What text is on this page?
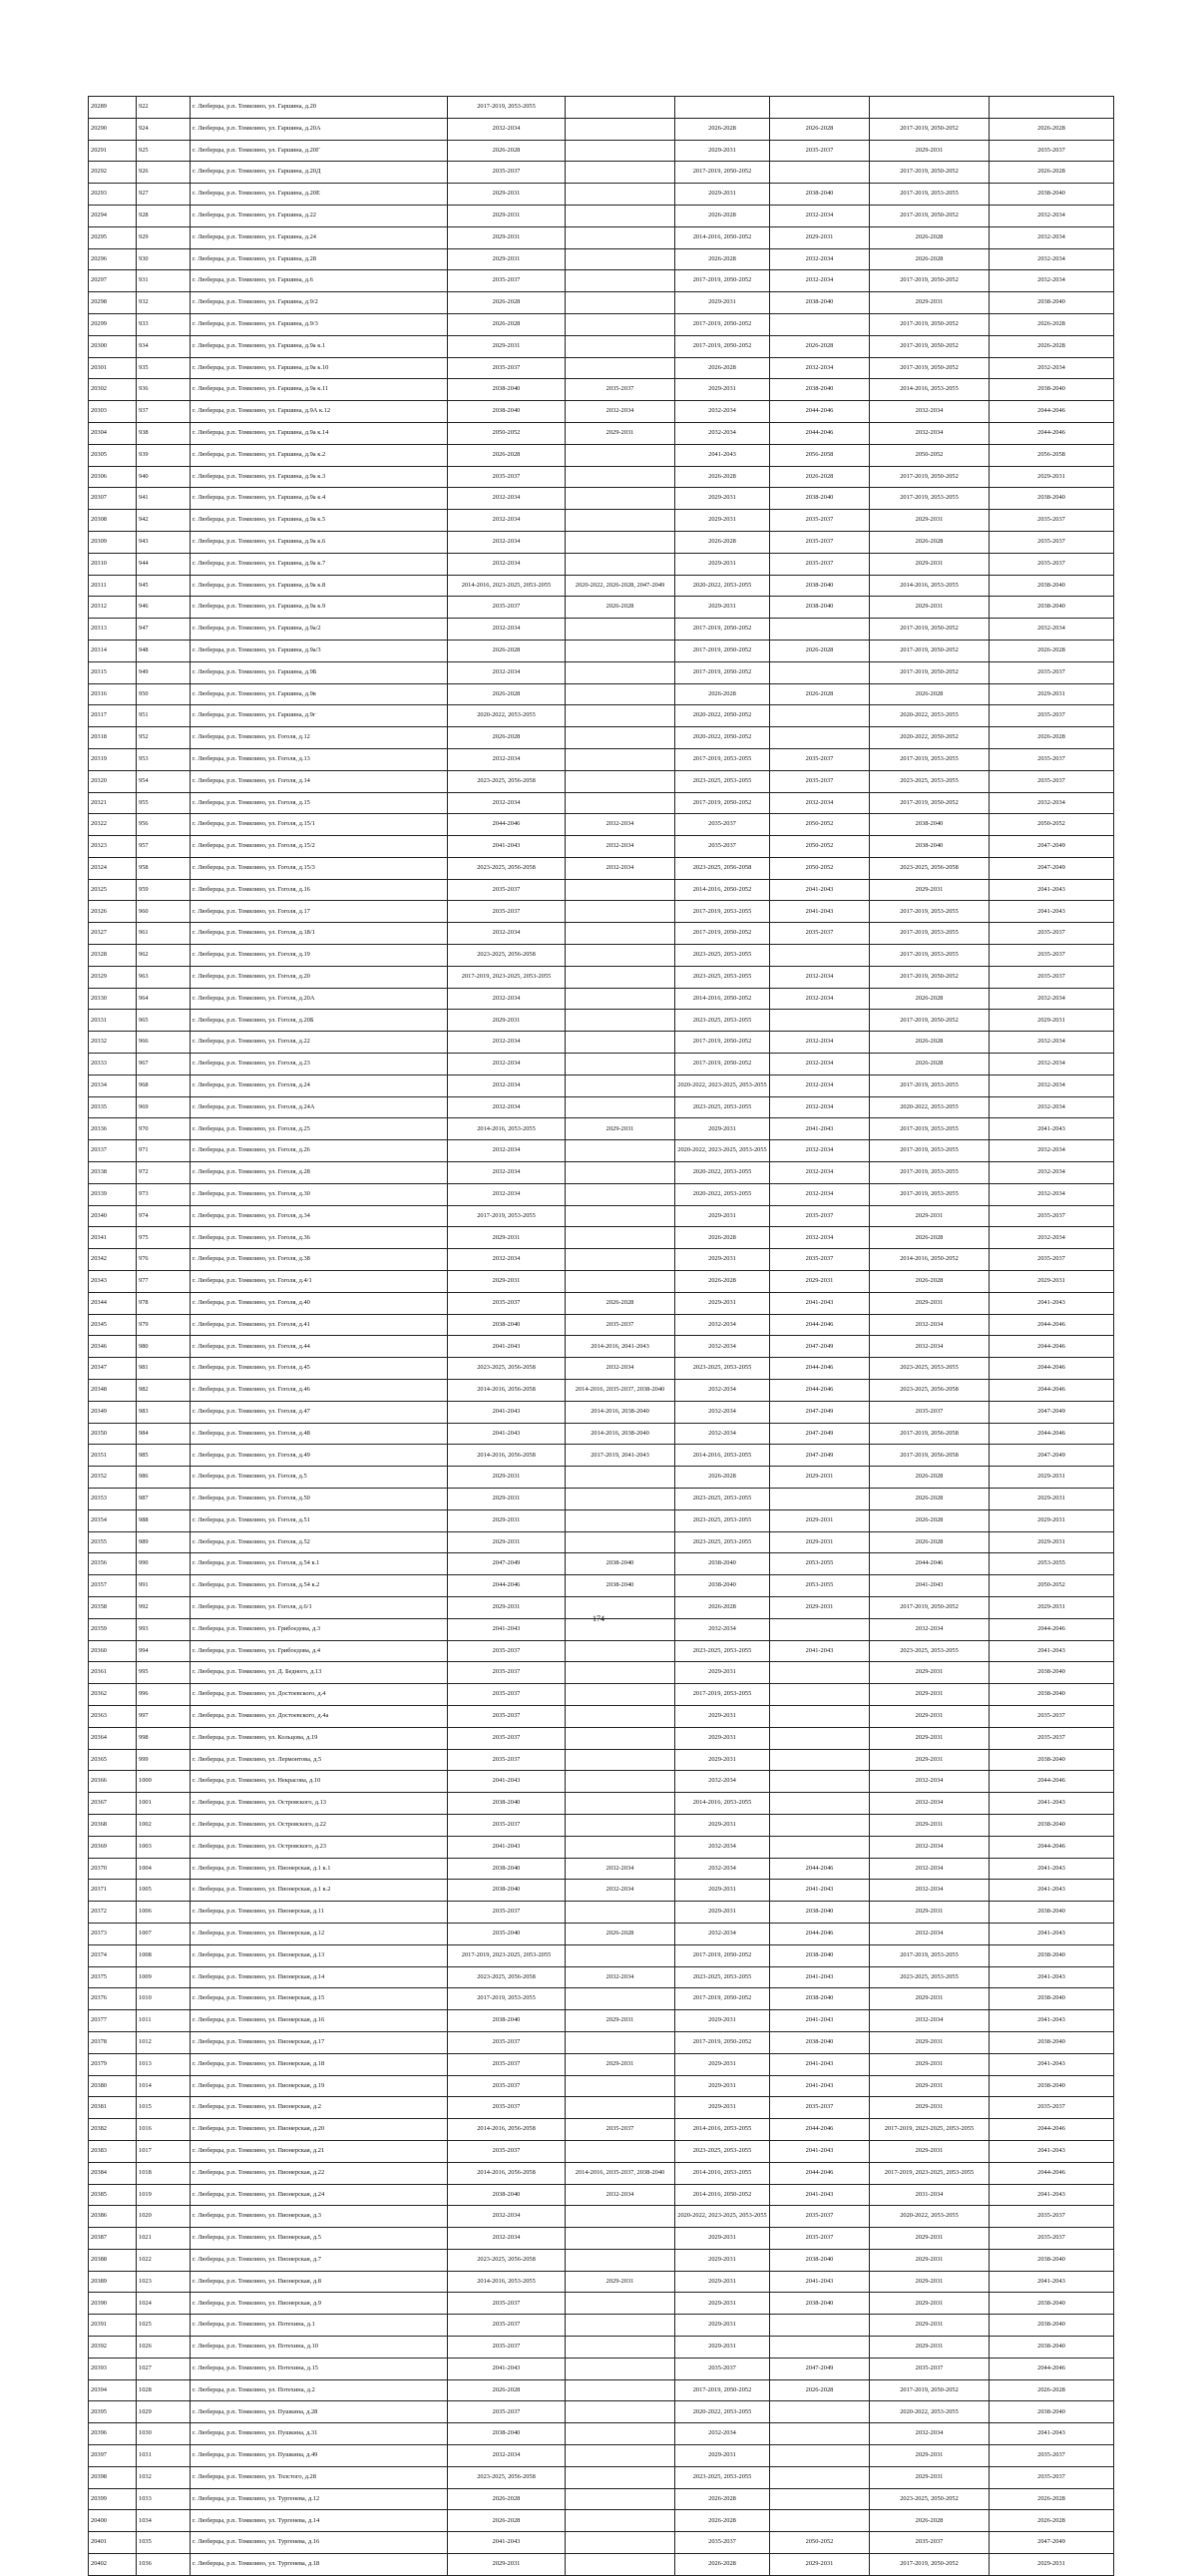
20289	922	г. Люберцы, р.п. Томилино, ул. Гаршина, д.20	2017-2019, 2053-2055					
20290	924	г. Люберцы, р.п. Томилино, ул. Гаршина, д.20А	2032-2034		2026-2028	2026-2028	2017-2019, 2050-2052	2026-2028
20291	925	г. Люберцы, р.п. Томилино, ул. Гаршина, д.20Г	2026-2028		2029-2031	2035-2037	2029-2031	2035-2037
20292	926	г. Люберцы, р.п. Томилино, ул. Гаршина, д.20Д	2035-2037		2017-2019, 2050-2052		2017-2019, 2050-2052	2026-2028
20293	927	г. Люберцы, р.п. Томилино, ул. Гаршина, д.20Е	2029-2031		2029-2031	2038-2040	2017-2019, 2053-2055	2038-2040
20294	928	г. Люберцы, р.п. Томилино, ул. Гаршина, д.22	2029-2031		2026-2028	2032-2034	2017-2019, 2050-2052	2032-2034
20295	929	г. Люберцы, р.п. Томилино, ул. Гаршина, д.24	2029-2031		2014-2016, 2050-2052	2029-2031	2026-2028	2032-2034
20296	930	г. Люберцы, р.п. Томилино, ул. Гаршина, д.28	2029-2031		2026-2028	2032-2034	2026-2028	2032-2034
20297	931	г. Люберцы, р.п. Томилино, ул. Гаршина, д.6	2035-2037		2017-2019, 2050-2052	2032-2034	2017-2019, 2050-2052	2032-2034
20298	932	г. Люберцы, р.п. Томилино, ул. Гаршина, д.9/2	2026-2028		2029-2031	2038-2040	2029-2031	2038-2040
20299	933	г. Люберцы, р.п. Томилино, ул. Гаршина, д.9/3	2026-2028		2017-2019, 2050-2052		2017-2019, 2050-2052	2026-2028
20300	934	г. Люберцы, р.п. Томилино, ул. Гаршина, д.9а к.1	2029-2031		2017-2019, 2050-2052	2026-2028	2017-2019, 2050-2052	2026-2028
20301	935	г. Люберцы, р.п. Томилино, ул. Гаршина, д.9а к.10	2035-2037		2026-2028	2032-2034	2017-2019, 2050-2052	2032-2034
20302	936	г. Люберцы, р.п. Томилино, ул. Гаршина, д.9а к.11	2038-2040	2035-2037	2029-2031	2038-2040	2014-2016, 2053-2055	2038-2040
20303	937	г. Люберцы, р.п. Томилино, ул. Гаршина, д.9А к.12	2038-2040	2032-2034	2032-2034	2044-2046	2032-2034	2044-2046
20304	938	г. Люберцы, р.п. Томилино, ул. Гаршина, д.9а к.14	2050-2052	2029-2031	2032-2034	2044-2046	2032-2034	2044-2046
20305	939	г. Люберцы, р.п. Томилино, ул. Гаршина, д.9а к.2	2026-2028		2041-2043	2056-2058	2050-2052	2056-2058
20306	940	г. Люберцы, р.п. Томилино, ул. Гаршина, д.9а к.3	2035-2037		2026-2028	2026-2028	2017-2019, 2050-2052	2029-2031
20307	941	г. Люберцы, р.п. Томилино, ул. Гаршина, д.9а к.4	2032-2034		2029-2031	2038-2040	2017-2019, 2053-2055	2038-2040
20308	942	г. Люберцы, р.п. Томилино, ул. Гаршина, д.9а к.5	2032-2034		2029-2031	2035-2037	2029-2031	2035-2037
20309	943	г. Люберцы, р.п. Томилино, ул. Гаршина, д.9а к.6	2032-2034		2026-2028	2035-2037	2026-2028	2035-2037
20310	944	г. Люберцы, р.п. Томилино, ул. Гаршина, д.9а к.7	2032-2034		2029-2031	2035-2037	2029-2031	2035-2037
20311	945	г. Люберцы, р.п. Томилино, ул. Гаршина, д.9а к.8	2014-2016, 2023-2025, 2053-2055	2020-2022, 2026-2028, 2047-2049	2020-2022, 2053-2055	2038-2040	2014-2016, 2053-2055	2038-2040
20312	946	г. Люберцы, р.п. Томилино, ул. Гаршина, д.9а к.9	2035-2037	2026-2028	2029-2031	2038-2040	2029-2031	2038-2040
20313	947	г. Люберцы, р.п. Томилино, ул. Гаршина, д.9а/2	2032-2034		2017-2019, 2050-2052		2017-2019, 2050-2052	2032-2034
20314	948	г. Люберцы, р.п. Томилино, ул. Гаршина, д.9а/3	2026-2028		2017-2019, 2050-2052	2026-2028	2017-2019, 2050-2052	2026-2028
20315	949	г. Люберцы, р.п. Томилино, ул. Гаршина, д.9Б	2032-2034		2017-2019, 2050-2052		2017-2019, 2050-2052	2035-2037
20316	950	г. Люберцы, р.п. Томилино, ул. Гаршина, д.9в	2026-2028		2026-2028	2026-2028	2026-2028	2029-2031
20317	951	г. Люберцы, р.п. Томилино, ул. Гаршина, д.9г	2020-2022, 2053-2055		2020-2022, 2050-2052		2020-2022, 2053-2055	2035-2037
20318	952	г. Люберцы, р.п. Томилино, ул. Гоголя, д.12	2026-2028		2020-2022, 2050-2052		2020-2022, 2050-2052	2026-2028
20319	953	г. Люберцы, р.п. Томилино, ул. Гоголя, д.13	2032-2034		2017-2019, 2053-2055	2035-2037	2017-2019, 2053-2055	2035-2037
20320	954	г. Люберцы, р.п. Томилино, ул. Гоголя, д.14	2023-2025, 2056-2058		2023-2025, 2053-2055	2035-2037	2023-2025, 2053-2055	2035-2037
20321	955	г. Люберцы, р.п. Томилино, ул. Гоголя, д.15	2032-2034		2017-2019, 2050-2052	2032-2034	2017-2019, 2050-2052	2032-2034
20322	956	г. Люберцы, р.п. Томилино, ул. Гоголя, д.15/1	2044-2046	2032-2034	2035-2037	2050-2052	2038-2040	2050-2052
20323	957	г. Люберцы, р.п. Томилино, ул. Гоголя, д.15/2	2041-2043	2032-2034	2035-2037	2050-2052	2038-2040	2047-2049
20324	958	г. Люберцы, р.п. Томилино, ул. Гоголя, д.15/3	2023-2025, 2056-2058	2032-2034	2023-2025, 2056-2058	2050-2052	2023-2025, 2056-2058	2047-2049
20325	959	г. Люберцы, р.п. Томилино, ул. Гоголя, д.16	2035-2037		2014-2016, 2050-2052	2041-2043	2029-2031	2041-2043
20326	960	г. Люберцы, р.п. Томилино, ул. Гоголя, д.17	2035-2037		2017-2019, 2053-2055	2041-2043	2017-2019, 2053-2055	2041-2043
20327	961	г. Люберцы, р.п. Томилино, ул. Гоголя, д.18/1	2032-2034		2017-2019, 2050-2052	2035-2037	2017-2019, 2053-2055	2035-2037
20328	962	г. Люберцы, р.п. Томилино, ул. Гоголя, д.19	2023-2025, 2056-2058		2023-2025, 2053-2055		2017-2019, 2053-2055	2035-2037
20329	963	г. Люберцы, р.п. Томилино, ул. Гоголя, д.20	2017-2019, 2023-2025, 2053-2055		2023-2025, 2053-2055	2032-2034	2017-2019, 2050-2052	2035-2037
20330	964	г. Люберцы, р.п. Томилино, ул. Гоголя, д.20А	2032-2034		2014-2016, 2050-2052	2032-2034	2026-2028	2032-2034
20331	965	г. Люберцы, р.п. Томилино, ул. Гоголя, д.20Б	2029-2031		2023-2025, 2053-2055		2017-2019, 2050-2052	2029-2031
20332	966	г. Люберцы, р.п. Томилино, ул. Гоголя, д.22	2032-2034		2017-2019, 2050-2052	2032-2034	2026-2028	2032-2034
20333	967	г. Люберцы, р.п. Томилино, ул. Гоголя, д.23	2032-2034		2017-2019, 2050-2052	2032-2034	2026-2028	2032-2034
20334	968	г. Люберцы, р.п. Томилино, ул. Гоголя, д.24	2032-2034		2020-2022, 2023-2025, 2053-2055	2032-2034	2017-2019, 2053-2055	2032-2034
20335	969	г. Люберцы, р.п. Томилино, ул. Гоголя, д.24А	2032-2034		2023-2025, 2053-2055	2032-2034	2020-2022, 2053-2055	2032-2034
20336	970	г. Люберцы, р.п. Томилино, ул. Гоголя, д.25	2014-2016, 2053-2055	2029-2031	2029-2031	2041-2043	2017-2019, 2053-2055	2041-2043
20337	971	г. Люберцы, р.п. Томилино, ул. Гоголя, д.26	2032-2034		2020-2022, 2023-2025, 2053-2055	2032-2034	2017-2019, 2053-2055	2032-2034
20338	972	г. Люберцы, р.п. Томилино, ул. Гоголя, д.28	2032-2034		2020-2022, 2053-2055	2032-2034	2017-2019, 2053-2055	2032-2034
20339	973	г. Люберцы, р.п. Томилино, ул. Гоголя, д.30	2032-2034		2020-2022, 2053-2055	2032-2034	2017-2019, 2053-2055	2032-2034
20340	974	г. Люберцы, р.п. Томилино, ул. Гоголя, д.34	2017-2019, 2053-2055		2029-2031	2035-2037	2029-2031	2035-2037
20341	975	г. Люберцы, р.п. Томилино, ул. Гоголя, д.36	2029-2031		2026-2028	2032-2034	2026-2028	2032-2034
20342	976	г. Люберцы, р.п. Томилино, ул. Гоголя, д.38	2032-2034		2029-2031	2035-2037	2014-2016, 2050-2052	2035-2037
20343	977	г. Люберцы, р.п. Томилино, ул. Гоголя, д.4/1	2029-2031		2026-2028	2029-2031	2026-2028	2029-2031
20344	978	г. Люберцы, р.п. Томилино, ул. Гоголя, д.40	2035-2037	2026-2028	2029-2031	2041-2043	2029-2031	2041-2043
20345	979	г. Люберцы, р.п. Томилино, ул. Гоголя, д.41	2038-2040	2035-2037	2032-2034	2044-2046	2032-2034	2044-2046
20346	980	г. Люберцы, р.п. Томилино, ул. Гоголя, д.44	2041-2043	2014-2016, 2041-2043	2032-2034	2047-2049	2032-2034	2044-2046
20347	981	г. Люберцы, р.п. Томилино, ул. Гоголя, д.45	2023-2025, 2056-2058	2032-2034	2023-2025, 2053-2055	2044-2046	2023-2025, 2053-2055	2044-2046
20348	982	г. Люберцы, р.п. Томилино, ул. Гоголя, д.46	2014-2016, 2056-2058	2014-2016, 2035-2037, 2038-2040	2032-2034	2044-2046	2023-2025, 2056-2058	2044-2046
20349	983	г. Люберцы, р.п. Томилино, ул. Гоголя, д.47	2041-2043	2014-2016, 2038-2040	2032-2034	2047-2049	2035-2037	2047-2049
20350	984	г. Люберцы, р.п. Томилино, ул. Гоголя, д.48	2041-2043	2014-2016, 2038-2040	2032-2034	2047-2049	2017-2019, 2056-2058	2044-2046
20351	985	г. Люберцы, р.п. Томилино, ул. Гоголя, д.49	2014-2016, 2056-2058	2017-2019, 2041-2043	2014-2016, 2053-2055	2047-2049	2017-2019, 2056-2058	2047-2049
20352	986	г. Люберцы, р.п. Томилино, ул. Гоголя, д.5	2029-2031		2026-2028	2029-2031	2026-2028	2029-2031
20353	987	г. Люберцы, р.п. Томилино, ул. Гоголя, д.50	2029-2031		2023-2025, 2053-2055		2026-2028	2029-2031
20354	988	г. Люберцы, р.п. Томилино, ул. Гоголя, д.51	2029-2031		2023-2025, 2053-2055	2029-2031	2026-2028	2029-2031
20355	989	г. Люберцы, р.п. Томилино, ул. Гоголя, д.52	2029-2031		2023-2025, 2053-2055	2029-2031	2026-2028	2029-2031
20356	990	г. Люберцы, р.п. Томилино, ул. Гоголя, д.54 к.1	2047-2049	2038-2040	2038-2040	2053-2055	2044-2046	2053-2055
20357	991	г. Люберцы, р.п. Томилино, ул. Гоголя, д.54 к.2	2044-2046	2038-2040	2038-2040	2053-2055	2041-2043	2050-2052
20358	992	г. Люберцы, р.п. Томилино, ул. Гоголя, д.6/1	2029-2031		2026-2028	2029-2031	2017-2019, 2050-2052	2029-2031
20359	993	г. Люберцы, р.п. Томилино, ул. Грибоедова, д.3	2041-2043		2032-2034		2032-2034	2044-2046
20360	994	г. Люберцы, р.п. Томилино, ул. Грибоедова, д.4	2035-2037		2023-2025, 2053-2055	2041-2043	2023-2025, 2053-2055	2041-2043
20361	995	г. Люберцы, р.п. Томилино, ул. Д. Бедного, д.13	2035-2037		2029-2031		2029-2031	2038-2040
20362	996	г. Люберцы, р.п. Томилино, ул. Достоевского, д.4	2035-2037		2017-2019, 2053-2055		2029-2031	2038-2040
20363	997	г. Люберцы, р.п. Томилино, ул. Достоевского, д.4а	2035-2037		2029-2031		2029-2031	2035-2037
20364	998	г. Люберцы, р.п. Томилино, ул. Кольцова, д.19	2035-2037		2029-2031		2029-2031	2035-2037
20365	999	г. Люберцы, р.п. Томилино, ул. Лермонтова, д.5	2035-2037		2029-2031		2029-2031	2038-2040
20366	1000	г. Люберцы, р.п. Томилино, ул. Некрасова, д.10	2041-2043		2032-2034		2032-2034	2044-2046
20367	1001	г. Люберцы, р.п. Томилино, ул. Островского, д.13	2038-2040		2014-2016, 2053-2055		2032-2034	2041-2043
20368	1002	г. Люберцы, р.п. Томилино, ул. Островского, д.22	2035-2037		2029-2031		2029-2031	2038-2040
20369	1003	г. Люберцы, р.п. Томилино, ул. Островского, д.23	2041-2043		2032-2034		2032-2034	2044-2046
20370	1004	г. Люберцы, р.п. Томилино, ул. Пионерская, д.1 к.1	2038-2040	2032-2034	2032-2034	2044-2046	2032-2034	2041-2043
20371	1005	г. Люберцы, р.п. Томилино, ул. Пионерская, д.1 к.2	2038-2040	2032-2034	2029-2031	2041-2043	2032-2034	2041-2043
20372	1006	г. Люберцы, р.п. Томилино, ул. Пионерская, д.11	2035-2037		2029-2031	2038-2040	2029-2031	2038-2040
20373	1007	г. Люберцы, р.п. Томилино, ул. Пионерская, д.12	2035-2040	2026-2028	2032-2034	2044-2046	2032-2034	2041-2043
20374	1008	г. Люберцы, р.п. Томилино, ул. Пионерская, д.13	2017-2019, 2023-2025, 2053-2055		2017-2019, 2050-2052	2038-2040	2017-2019, 2053-2055	2038-2040
20375	1009	г. Люберцы, р.п. Томилино, ул. Пионерская, д.14	2023-2025, 2056-2058	2032-2034	2023-2025, 2053-2055	2041-2043	2023-2025, 2053-2055	2041-2043
20376	1010	г. Люберцы, р.п. Томилино, ул. Пионерская, д.15	2017-2019, 2053-2055		2017-2019, 2050-2052	2038-2040	2029-2031	2038-2040
20377	1011	г. Люберцы, р.п. Томилино, ул. Пионерская, д.16	2038-2040	2029-2031	2029-2031	2041-2043	2032-2034	2041-2043
20378	1012	г. Люберцы, р.п. Томилино, ул. Пионерская, д.17	2035-2037		2017-2019, 2050-2052	2038-2040	2029-2031	2038-2040
20379	1013	г. Люберцы, р.п. Томилино, ул. Пионерская, д.18	2035-2037	2029-2031	2029-2031	2041-2043	2029-2031	2041-2043
20380	1014	г. Люберцы, р.п. Томилино, ул. Пионерская, д.19	2035-2037		2029-2031	2041-2043	2029-2031	2038-2040
20381	1015	г. Люберцы, р.п. Томилино, ул. Пионерская, д.2	2035-2037		2029-2031	2035-2037	2029-2031	2035-2037
20382	1016	г. Люберцы, р.п. Томилино, ул. Пионерская, д.20	2014-2016, 2056-2058	2035-2037	2014-2016, 2053-2055	2044-2046	2017-2019, 2023-2025, 2053-2055	2044-2046
20383	1017	г. Люберцы, р.п. Томилино, ул. Пионерская, д.21	2035-2037		2023-2025, 2053-2055	2041-2043	2029-2031	2041-2043
20384	1018	г. Люберцы, р.п. Томилино, ул. Пионерская, д.22	2014-2016, 2056-2058	2014-2016, 2035-2037, 2038-2040	2014-2016, 2053-2055	2044-2046	2017-2019, 2023-2025, 2053-2055	2044-2046
20385	1019	г. Люберцы, р.п. Томилино, ул. Пионерская, д.24	2038-2040	2032-2034	2014-2016, 2050-2052	2041-2043	2031-2034	2041-2043
20386	1020	г. Люберцы, р.п. Томилино, ул. Пионерская, д.3	2032-2034		2020-2022, 2023-2025, 2053-2055	2035-2037	2020-2022, 2053-2055	2035-2037
20387	1021	г. Люберцы, р.п. Томилино, ул. Пионерская, д.5	2032-2034		2029-2031	2035-2037	2029-2031	2035-2037
20388	1022	г. Люберцы, р.п. Томилино, ул. Пионерская, д.7	2023-2025, 2056-2058		2029-2031	2038-2040	2029-2031	2038-2040
20389	1023	г. Люберцы, р.п. Томилино, ул. Пионерская, д.8	2014-2016, 2053-2055	2029-2031	2029-2031	2041-2043	2029-2031	2041-2043
20390	1024	г. Люберцы, р.п. Томилино, ул. Пионерская, д.9	2035-2037		2029-2031	2038-2040	2029-2031	2038-2040
20391	1025	г. Люберцы, р.п. Томилино, ул. Потехина, д.1	2035-2037		2029-2031		2029-2031	2038-2040
20392	1026	г. Люберцы, р.п. Томилино, ул. Потехина, д.10	2035-2037		2029-2031		2029-2031	2038-2040
20393	1027	г. Люберцы, р.п. Томилино, ул. Потехина, д.15	2041-2043		2035-2037	2047-2049	2035-2037	2044-2046
20394	1028	г. Люберцы, р.п. Томилино, ул. Потехина, д.2	2026-2028		2017-2019, 2050-2052	2026-2028	2017-2019, 2050-2052	2026-2028
20395	1029	г. Люберцы, р.п. Томилино, ул. Пушкина, д.28	2035-2037		2020-2022, 2053-2055		2020-2022, 2053-2055	2038-2040
20396	1030	г. Люберцы, р.п. Томилино, ул. Пушкина, д.31	2038-2040		2032-2034		2032-2034	2041-2043
20397	1031	г. Люберцы, р.п. Томилино, ул. Пушкина, д.49	2032-2034		2029-2031		2029-2031	2035-2037
20398	1032	г. Люберцы, р.п. Томилино, ул. Толстого, д.28	2023-2025, 2056-2058		2023-2025, 2053-2055		2029-2031	2035-2037
20399	1033	г. Люберцы, р.п. Томилино, ул. Тургенева, д.12	2026-2028		2026-2028		2023-2025, 2050-2052	2026-2028
20400	1034	г. Люберцы, р.п. Томилино, ул. Тургенева, д.14	2026-2028		2026-2028		2026-2028	2026-2028
20401	1035	г. Люберцы, р.п. Томилино, ул. Тургенева, д.16	2041-2043		2035-2037	2050-2052	2035-2037	2047-2049
20402	1036	г. Люберцы, р.п. Томилино, ул. Тургенева, д.18	2029-2031		2026-2028	2029-2031	2017-2019, 2050-2052	2029-2031
174
